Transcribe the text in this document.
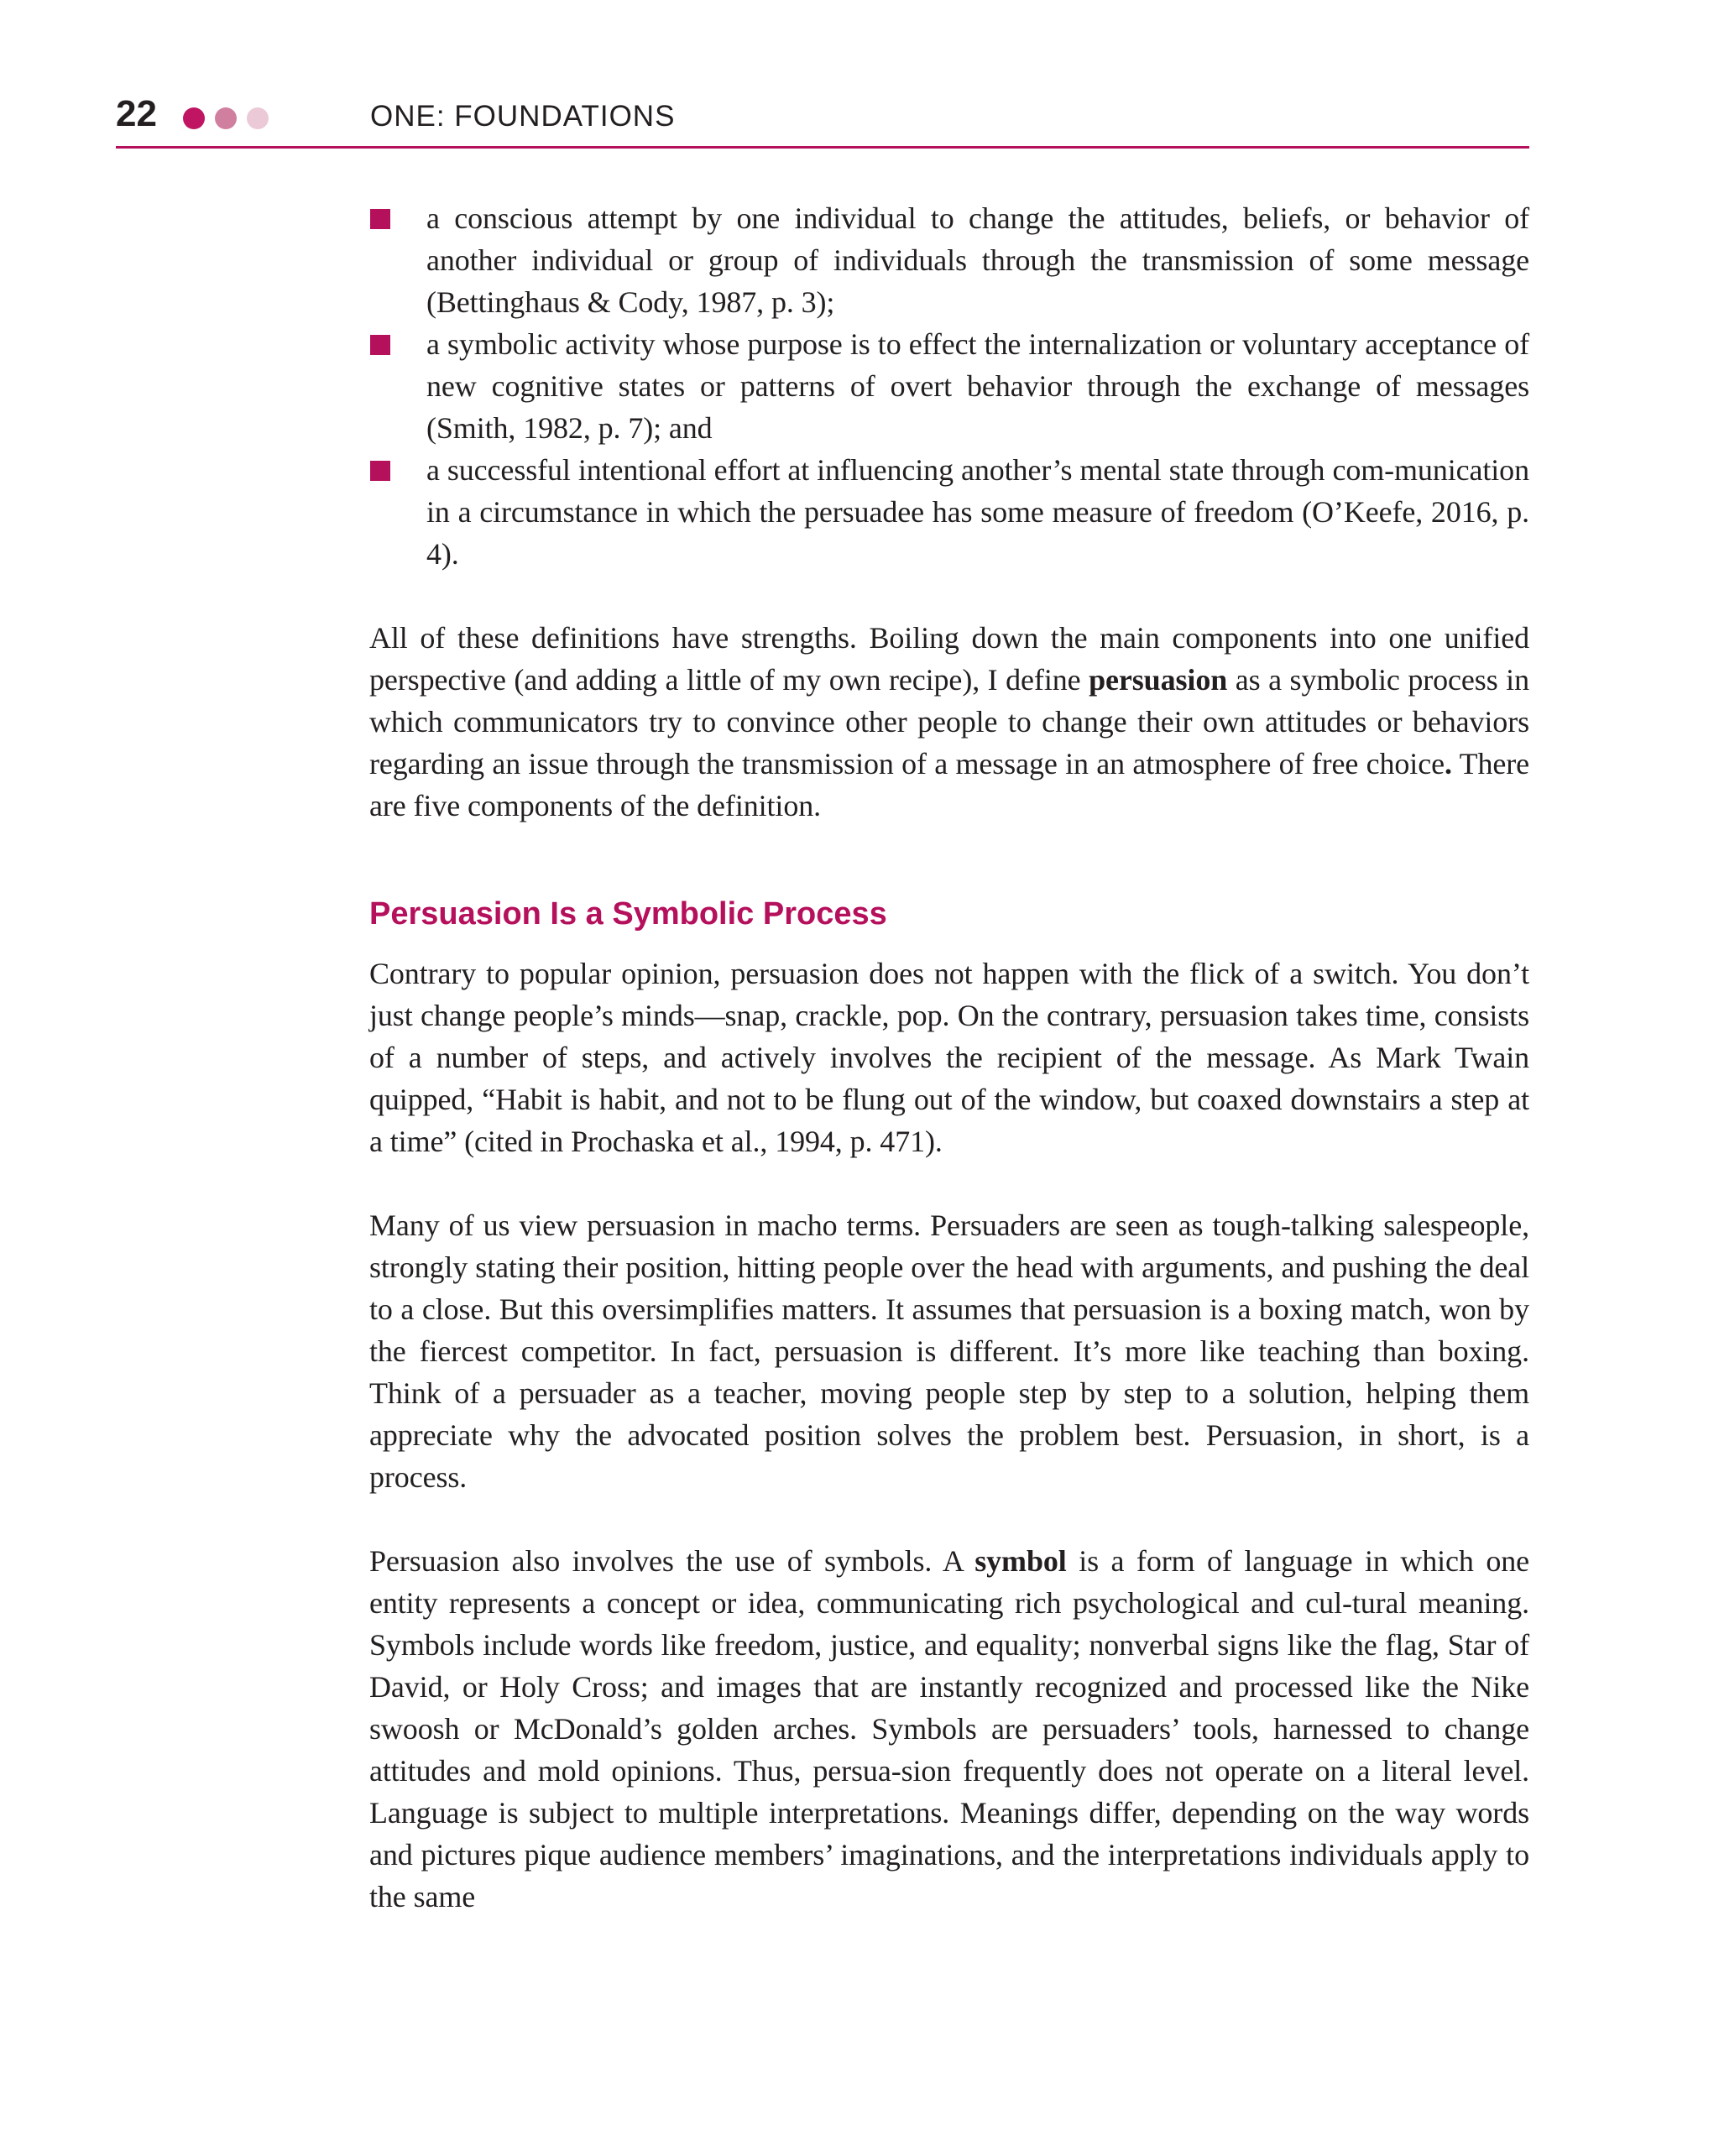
22	ONE: FOUNDATIONS
a conscious attempt by one individual to change the attitudes, beliefs, or behavior of another individual or group of individuals through the transmission of some message (Bettinghaus & Cody, 1987, p. 3);
a symbolic activity whose purpose is to effect the internalization or voluntary acceptance of new cognitive states or patterns of overt behavior through the exchange of messages (Smith, 1982, p. 7); and
a successful intentional effort at influencing another’s mental state through com-munication in a circumstance in which the persuadee has some measure of freedom (O’Keefe, 2016, p. 4).

All of these definitions have strengths. Boiling down the main components into one unified perspective (and adding a little of my own recipe), I define persuasion as a symbolic process in which communicators try to convince other people to change their own attitudes or behaviors regarding an issue through the transmission of a message in an atmosphere of free choice. There are five components of the definition.

Persuasion Is a Symbolic Process

Contrary to popular opinion, persuasion does not happen with the flick of a switch. You don’t just change people’s minds—snap, crackle, pop. On the contrary, persuasion takes time, consists of a number of steps, and actively involves the recipient of the message. As Mark Twain quipped, “Habit is habit, and not to be flung out of the window, but coaxed downstairs a step at a time” (cited in Prochaska et al., 1994, p. 471).

Many of us view persuasion in macho terms. Persuaders are seen as tough-talking salespeople, strongly stating their position, hitting people over the head with arguments, and pushing the deal to a close. But this oversimplifies matters. It assumes that persuasion is a boxing match, won by the fiercest competitor. In fact, persuasion is different. It’s more like teaching than boxing. Think of a persuader as a teacher, moving people step by step to a solution, helping them appreciate why the advocated position solves the problem best. Persuasion, in short, is a process.

Persuasion also involves the use of symbols. A symbol is a form of language in which one entity represents a concept or idea, communicating rich psychological and cul-tural meaning. Symbols include words like freedom, justice, and equality; nonverbal signs like the flag, Star of David, or Holy Cross; and images that are instantly recognized and processed like the Nike swoosh or McDonald’s golden arches. Symbols are persuaders’ tools, harnessed to change attitudes and mold opinions. Thus, persua-sion frequently does not operate on a literal level. Language is subject to multiple interpretations. Meanings differ, depending on the way words and pictures pique audience members’ imaginations, and the interpretations individuals apply to the same
